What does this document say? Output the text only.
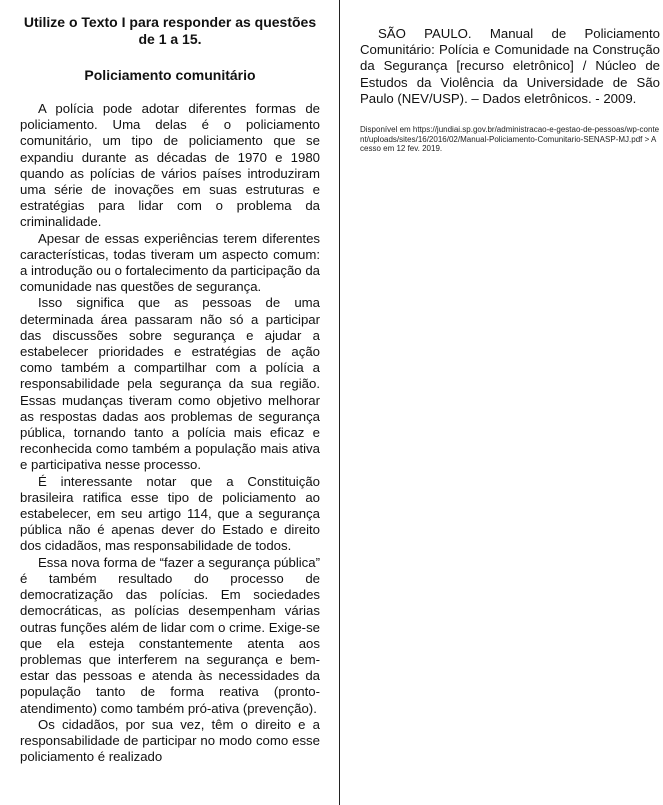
Utilize o Texto I para responder as questões de 1 a 15.

Policiamento comunitário

A polícia pode adotar diferentes formas de policiamento. Uma delas é o policiamento comunitário, um tipo de policiamento que se expandiu durante as décadas de 1970 e 1980 quando as polícias de vários países introduziram uma série de inovações em suas estruturas e estratégias para lidar com o problema da criminalidade.

Apesar de essas experiências terem diferentes características, todas tiveram um aspecto comum: a introdução ou o fortalecimento da participação da comunidade nas questões de segurança.

Isso significa que as pessoas de uma determinada área passaram não só a participar das discussões sobre segurança e ajudar a estabelecer prioridades e estratégias de ação como também a compartilhar com a polícia a responsabilidade pela segurança da sua região. Essas mudanças tiveram como objetivo melhorar as respostas dadas aos problemas de segurança pública, tornando tanto a polícia mais eficaz e reconhecida como também a população mais ativa e participativa nesse processo.

É interessante notar que a Constituição brasileira ratifica esse tipo de policiamento ao estabelecer, em seu artigo 114, que a segurança pública não é apenas dever do Estado e direito dos cidadãos, mas responsabilidade de todos.

Essa nova forma de “fazer a segurança pública” é também resultado do processo de democratização das polícias. Em sociedades democráticas, as polícias desempenham várias outras funções além de lidar com o crime. Exige-se que ela esteja constantemente atenta aos problemas que interferem na segurança e bem-estar das pessoas e atenda às necessidades da população tanto de forma reativa (pronto-atendimento) como também pró-ativa (prevenção).

Os cidadãos, por sua vez, têm o direito e a responsabilidade de participar no modo como esse policiamento é realizado

SÃO PAULO. Manual de Policiamento Comunitário: Polícia e Comunidade na Construção da Segurança [recurso eletrônico] / Núcleo de Estudos da Violência da Universidade de São Paulo (NEV/USP). – Dados eletrônicos. - 2009.

Disponível em https://jundiai.sp.gov.br/administracao-e-gestao-de-pessoas/wp-content/uploads/sites/16/2016/02/Manual-Policiamento-Comunitario-SENASP-MJ.pdf > Acesso em 12 fev. 2019.
